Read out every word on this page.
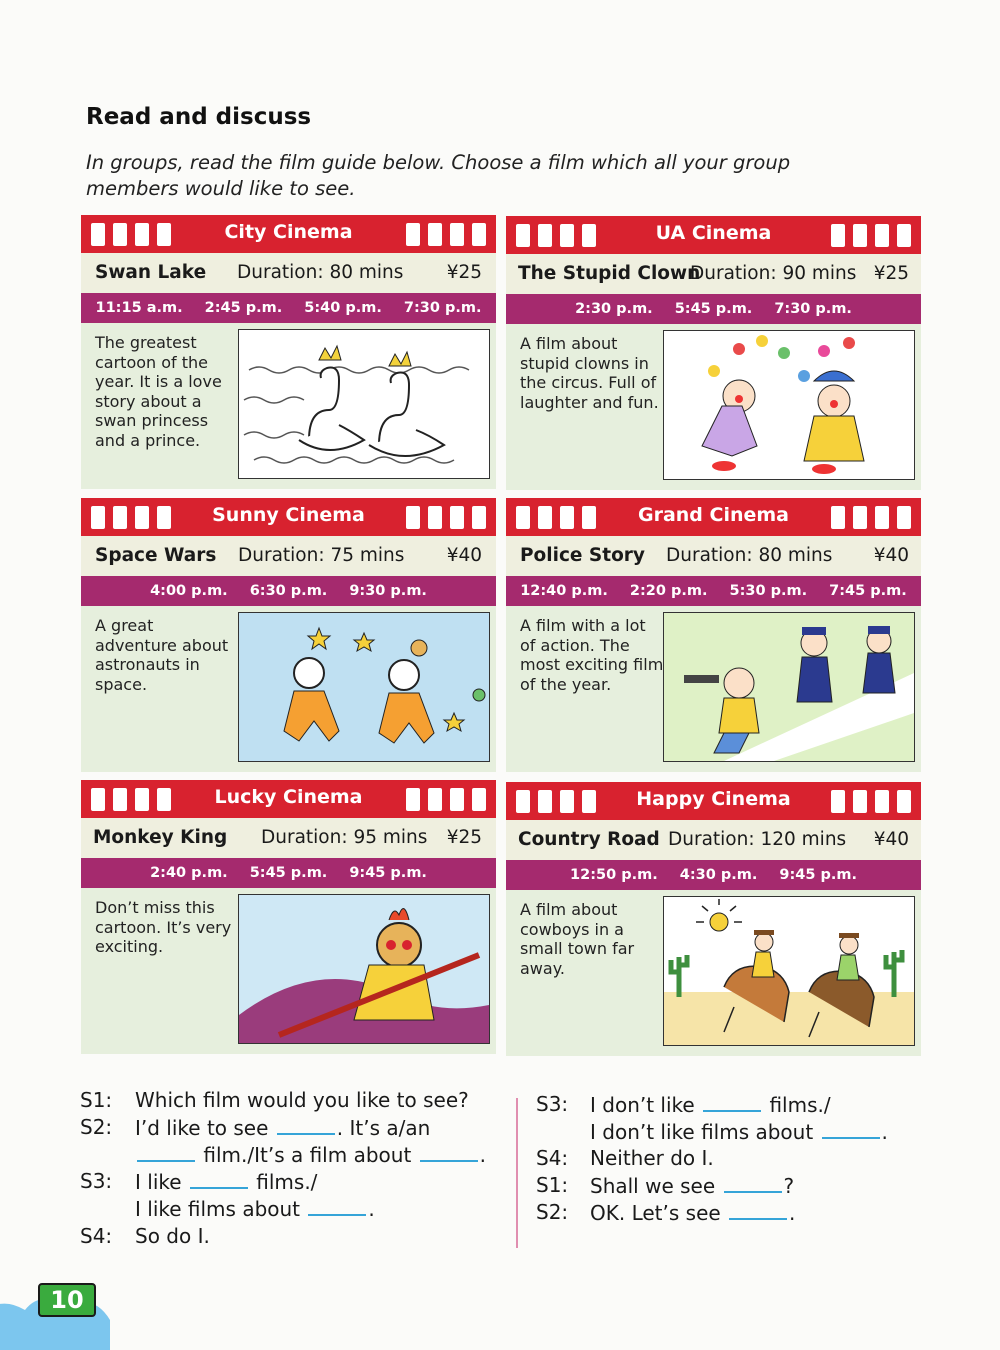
Read and discuss
In groups, read the film guide below. Choose a film which all your group members would like to see.
City Cinema
Swan Lake Duration: 80 mins ¥25
11:15 a.m. 2:45 p.m. 5:40 p.m. 7:30 p.m.
The greatest cartoon of the year. It is a love story about a swan princess and a prince.
UA Cinema
The Stupid Clown
Duration: 90 mins ¥25
2:30 p.m. 5:45 p.m. 7:30 p.m.
A film about stupid clowns in the circus. Full of laughter and fun.
Sunny Cinema
Space Wars Duration: 75 mins ¥40
4:00 p.m. 6:30 p.m. 9:30 p.m.
A great adventure about astronauts in space.
Grand Cinema
Police Story Duration: 80 mins ¥40
12:40 p.m. 2:20 p.m. 5:30 p.m. 7:45 p.m.
A film with a lot of action. The most exciting film of the year.
Lucky Cinema
Monkey King Duration: 95 mins ¥25
2:40 p.m. 5:45 p.m. 9:45 p.m.
Don’t miss this cartoon. It’s very exciting.
Happy Cinema
Country Road Duration: 120 mins ¥40
12:50 p.m. 4:30 p.m. 9:45 p.m.
A film about cowboys in a small town far away.
S1: Which film would you like to see?
S2: I’d like to see	. It’s a/an
film./It’s a film about	.
S3: I like	films./
I like films about	.
S4: So do I.
S3: I don’t like	films./
I don’t like films about	.
S4: Neither do I.
S1: Shall we see	?
S2: OK. Let’s see	.
10
